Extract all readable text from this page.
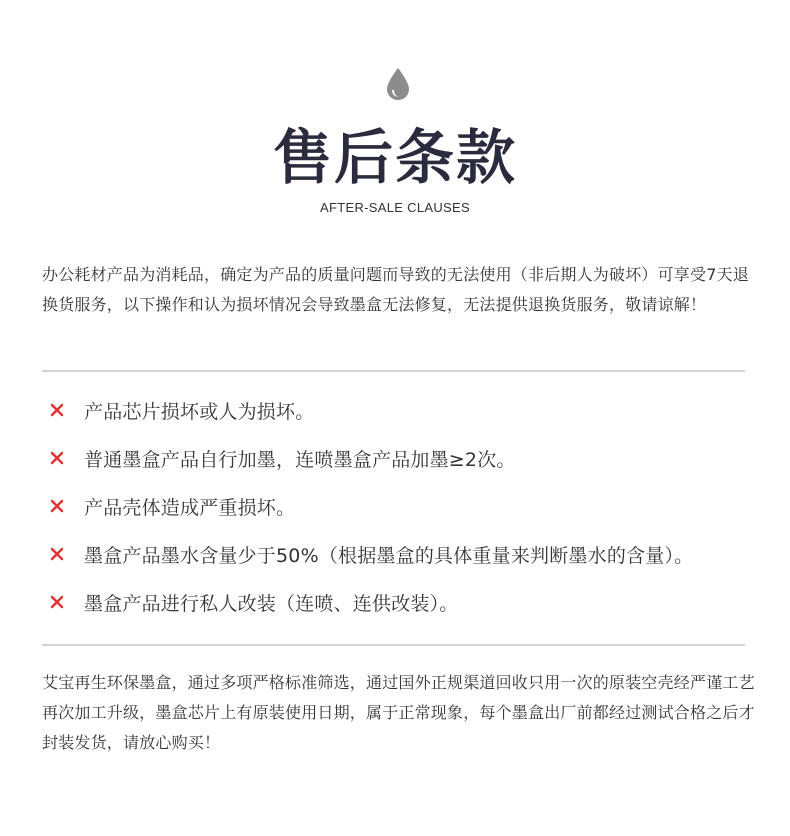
售后条款
AFTER-SALE CLAUSES

办公耗材产品为消耗品，确定为产品的质量问题而导致的无法使用（非后期人为破坏）可享受7天退换货服务，以下操作和认为损坏情况会导致墨盒无法修复，无法提供退换货服务，敬请谅解！

产品芯片损坏或人为损坏。
普通墨盒产品自行加墨，连喷墨盒产品加墨≥2次。
产品壳体造成严重损坏。
墨盒产品墨水含量少于50%（根据墨盒的具体重量来判断墨水的含量）。
墨盒产品进行私人改装（连喷、连供改装）。

艾宝再生环保墨盒，通过多项严格标准筛选，通过国外正规渠道回收只用一次的原装空壳经严谨工艺再次加工升级，墨盒芯片上有原装使用日期，属于正常现象，每个墨盒出厂前都经过测试合格之后才封装发货，请放心购买！
